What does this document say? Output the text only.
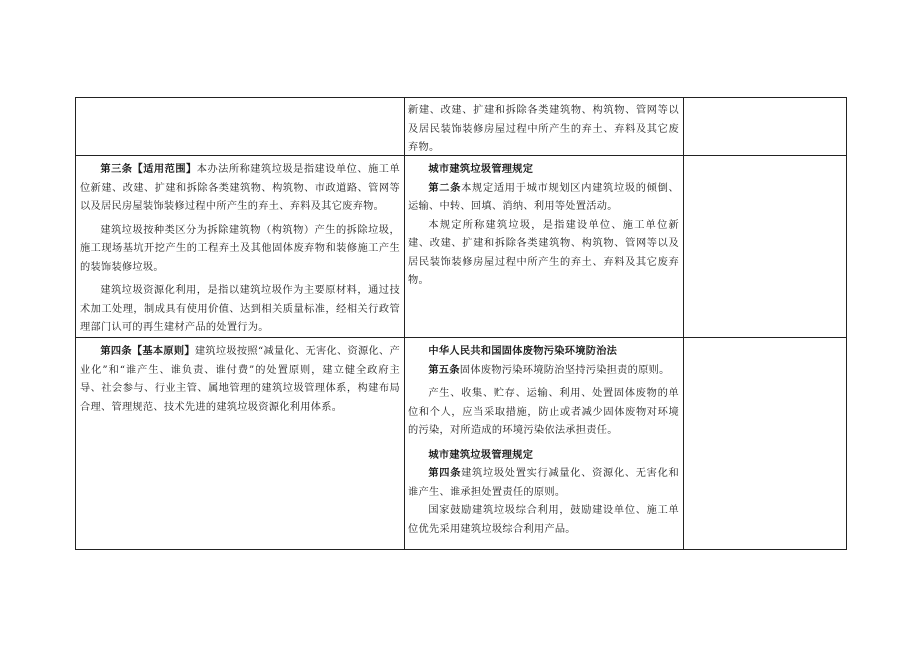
新建、改建、扩建和拆除各类建筑物、构筑物、管网等以及居民装饰装修房屋过程中所产生的弃土、弃料及其它废弃物。

第三条【适用范围】本办法所称建筑垃圾是指建设单位、施工单位新建、改建、扩建和拆除各类建筑物、构筑物、市政道路、管网等以及居民房屋装饰装修过程中所产生的弃土、弃料及其它废弃物。

建筑垃圾按种类区分为拆除建筑物（构筑物）产生的拆除垃圾，施工现场基坑开挖产生的工程弃土及其他固体废弃物和装修施工产生的装饰装修垃圾。

建筑垃圾资源化利用，是指以建筑垃圾作为主要原材料，通过技术加工处理，制成具有使用价值、达到相关质量标准，经相关行政管理部门认可的再生建材产品的处置行为。

城市建筑垃圾管理规定

第二条本规定适用于城市规划区内建筑垃圾的倾倒、运输、中转、回填、消纳、利用等处置活动。

本规定所称建筑垃圾，是指建设单位、施工单位新建、改建、扩建和拆除各类建筑物、构筑物、管网等以及居民装饰装修房屋过程中所产生的弃土、弃料及其它废弃物。

第四条【基本原则】建筑垃圾按照“减量化、无害化、资源化、产业化”和“谁产生、谁负责、谁付费”的处置原则，建立健全政府主导、社会参与、行业主管、属地管理的建筑垃圾管理体系，构建布局合理、管理规范、技术先进的建筑垃圾资源化利用体系。

中华人民共和国固体废物污染环境防治法

第五条固体废物污染环境防治坚持污染担责的原则。

产生、收集、贮存、运输、利用、处置固体废物的单位和个人，应当采取措施，防止或者减少固体废物对环境的污染，对所造成的环境污染依法承担责任。

城市建筑垃圾管理规定

第四条建筑垃圾处置实行减量化、资源化、无害化和谁产生、谁承担处置责任的原则。

国家鼓励建筑垃圾综合利用，鼓励建设单位、施工单位优先采用建筑垃圾综合利用产品。
